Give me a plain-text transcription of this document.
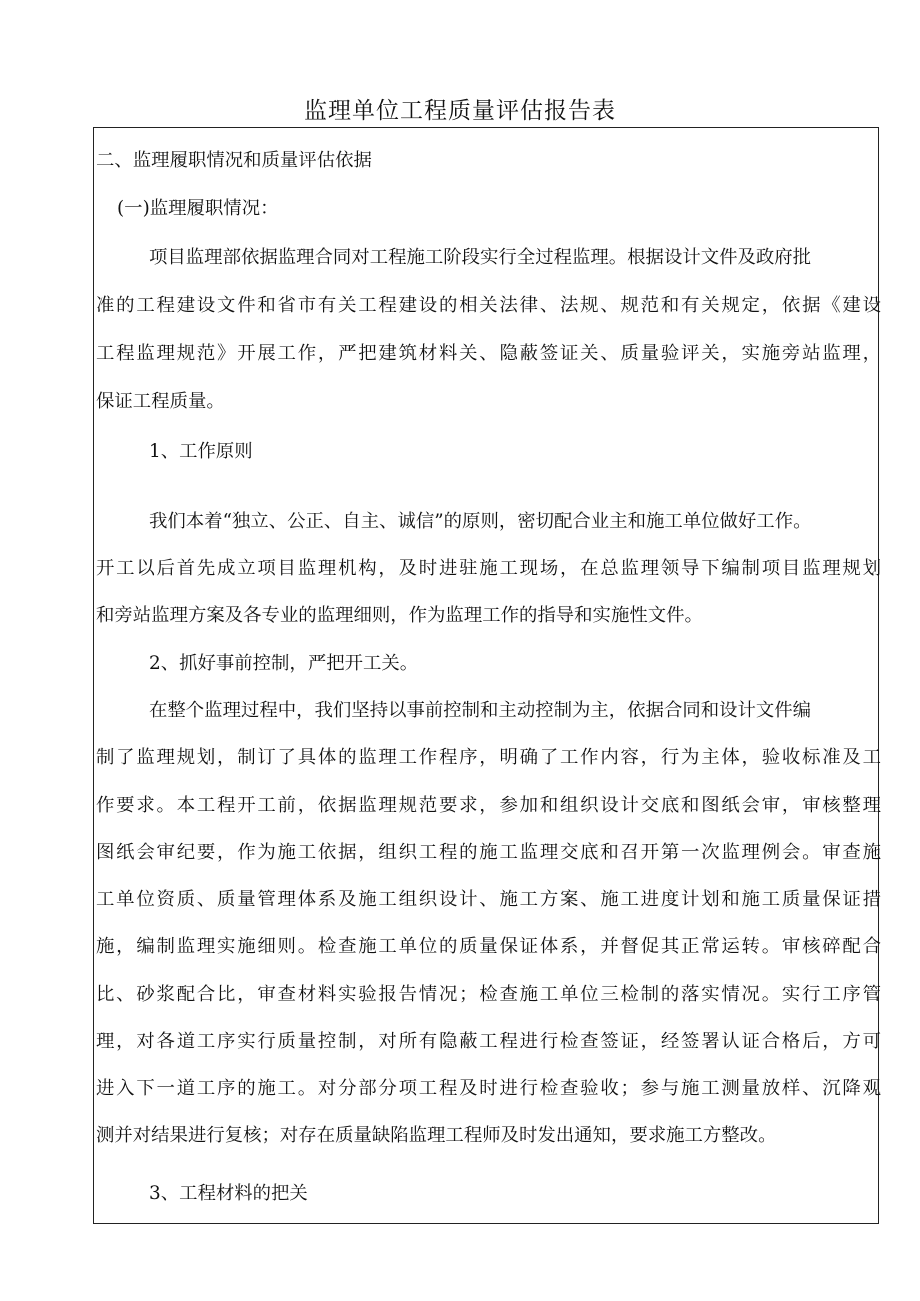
监理单位工程质量评估报告表
二、监理履职情况和质量评估依据
(一)监理履职情况：
项目监理部依据监理合同对工程施工阶段实行全过程监理。根据设计文件及政府批
准的工程建设文件和省市有关工程建设的相关法律、法规、规范和有关规定，依据《建设
工程监理规范》开展工作，严把建筑材料关、隐蔽签证关、质量验评关，实施旁站监理，
保证工程质量。
1、工作原则
我们本着“独立、公正、自主、诚信”的原则，密切配合业主和施工单位做好工作。
开工以后首先成立项目监理机构，及时进驻施工现场，在总监理领导下编制项目监理规划
和旁站监理方案及各专业的监理细则，作为监理工作的指导和实施性文件。
2、抓好事前控制，严把开工关。
在整个监理过程中，我们坚持以事前控制和主动控制为主，依据合同和设计文件编
制了监理规划，制订了具体的监理工作程序，明确了工作内容，行为主体，验收标准及工
作要求。本工程开工前，依据监理规范要求，参加和组织设计交底和图纸会审，审核整理
图纸会审纪要，作为施工依据，组织工程的施工监理交底和召开第一次监理例会。审查施
工单位资质、质量管理体系及施工组织设计、施工方案、施工进度计划和施工质量保证措
施，编制监理实施细则。检查施工单位的质量保证体系，并督促其正常运转。审核碎配合
比、砂浆配合比，审查材料实验报告情况；检查施工单位三检制的落实情况。实行工序管
理，对各道工序实行质量控制，对所有隐蔽工程进行检查签证，经签署认证合格后，方可
进入下一道工序的施工。对分部分项工程及时进行检查验收；参与施工测量放样、沉降观
测并对结果进行复核；对存在质量缺陷监理工程师及时发出通知，要求施工方整改。
3、工程材料的把关
